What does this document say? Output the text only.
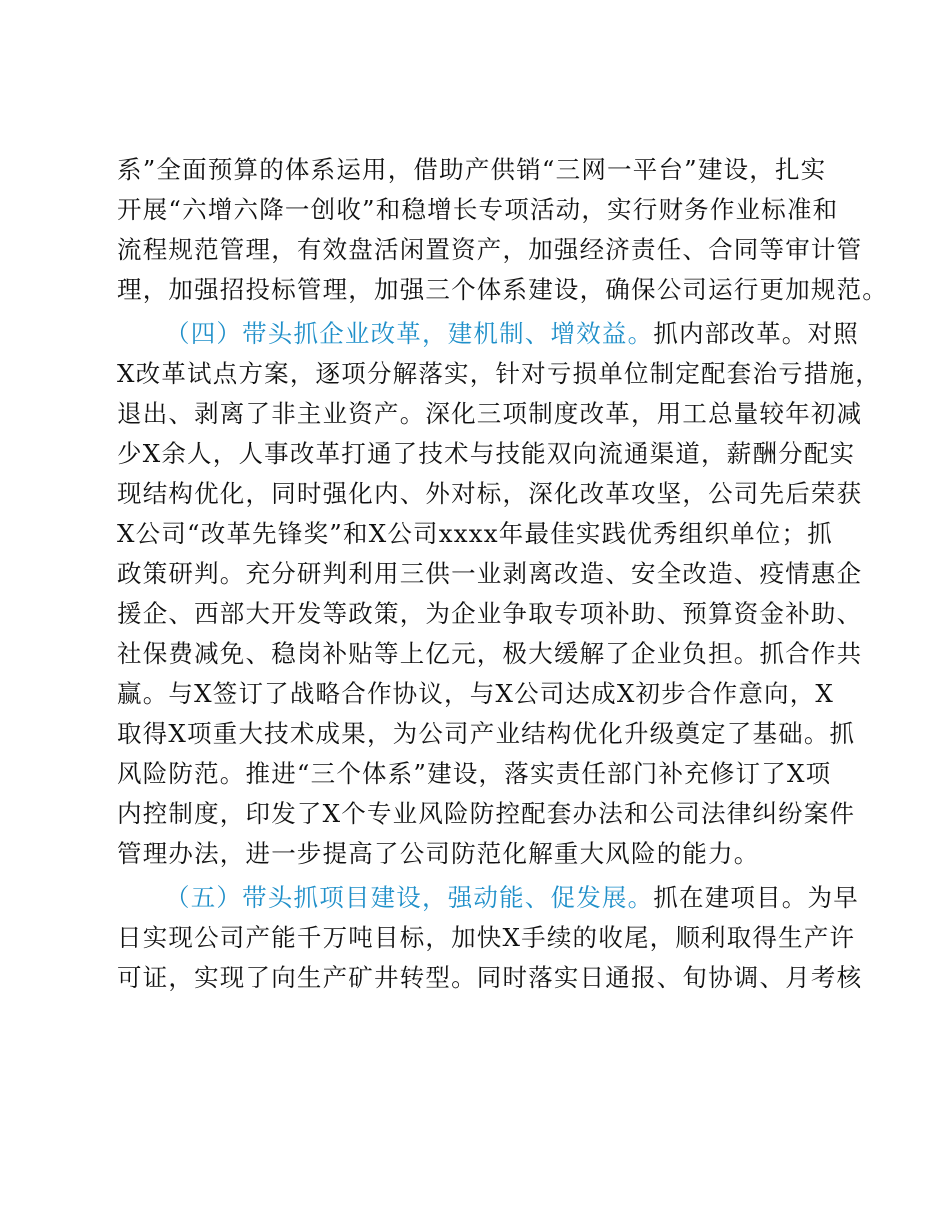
系”全面预算的体系运用，借助产供销“三网一平台”建设，扎实
开展“六增六降一创收”和稳增长专项活动，实行财务作业标准和
流程规范管理，有效盘活闲置资产，加强经济责任、合同等审计管
理，加强招投标管理，加强三个体系建设，确保公司运行更加规范。
（四）带头抓企业改革，建机制、增效益。抓内部改革。对照
X改革试点方案，逐项分解落实，针对亏损单位制定配套治亏措施，
退出、剥离了非主业资产。深化三项制度改革，用工总量较年初减
少X余人，人事改革打通了技术与技能双向流通渠道，薪酬分配实
现结构优化，同时强化内、外对标，深化改革攻坚，公司先后荣获
X公司“改革先锋奖”和X公司xxxx年最佳实践优秀组织单位；抓
政策研判。充分研判利用三供一业剥离改造、安全改造、疫情惠企
援企、西部大开发等政策，为企业争取专项补助、预算资金补助、
社保费减免、稳岗补贴等上亿元，极大缓解了企业负担。抓合作共
赢。与X签订了战略合作协议，与X公司达成X初步合作意向，X
取得X项重大技术成果，为公司产业结构优化升级奠定了基础。抓
风险防范。推进“三个体系”建设，落实责任部门补充修订了X项
内控制度，印发了X个专业风险防控配套办法和公司法律纠纷案件
管理办法，进一步提高了公司防范化解重大风险的能力。
（五）带头抓项目建设，强动能、促发展。抓在建项目。为早
日实现公司产能千万吨目标，加快X手续的收尾，顺利取得生产许
可证，实现了向生产矿井转型。同时落实日通报、旬协调、月考核
